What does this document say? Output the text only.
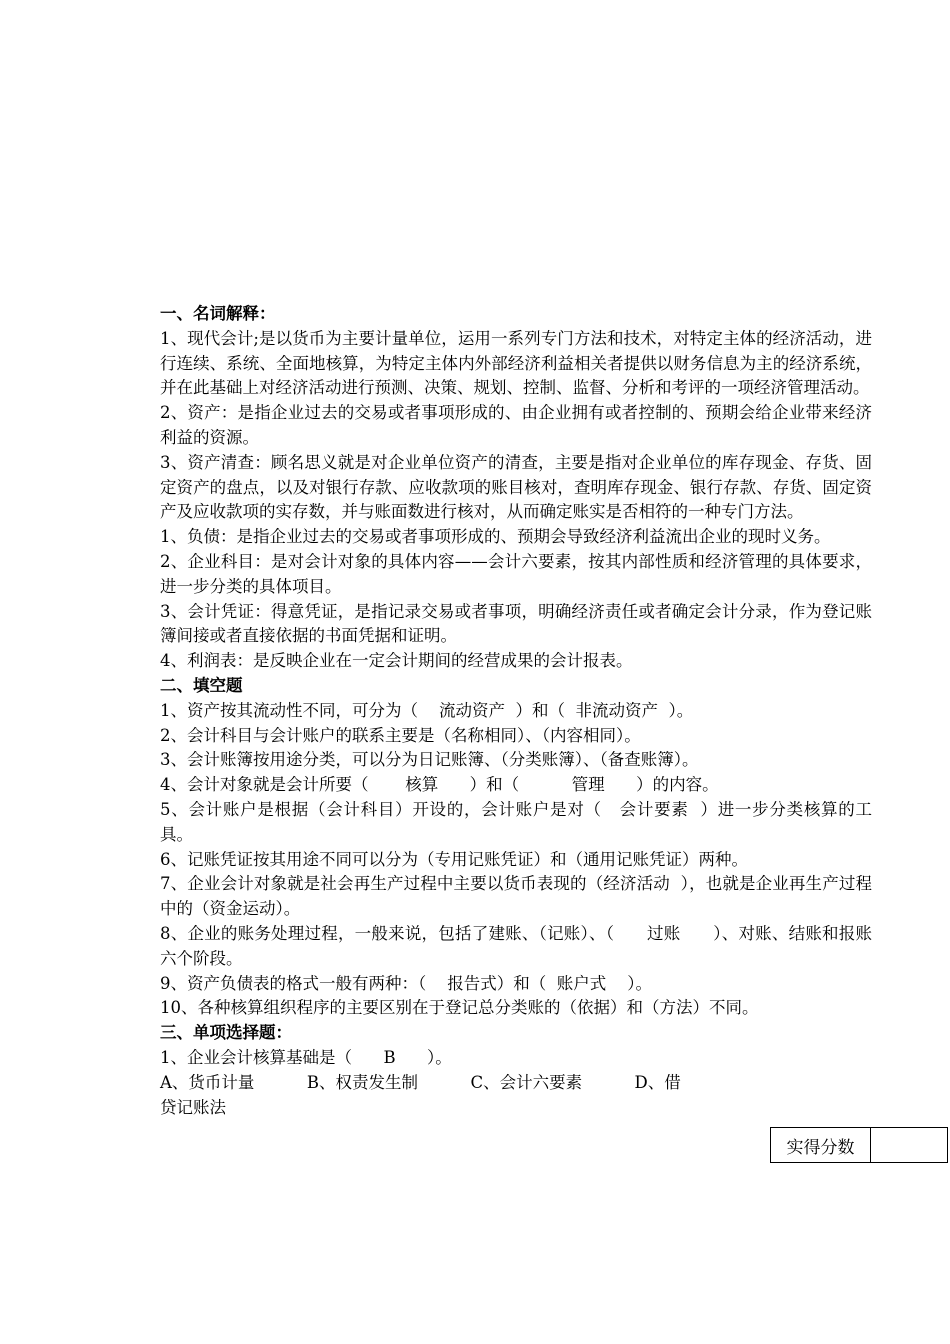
一、名词解释：

1、现代会计;是以货币为主要计量单位，运用一系列专门方法和技术，对特定主体的经济活动，进行连续、系统、全面地核算，为特定主体内外部经济利益相关者提供以财务信息为主的经济系统，并在此基础上对经济活动进行预测、决策、规划、控制、监督、分析和考评的一项经济管理活动。

2、资产：是指企业过去的交易或者事项形成的、由企业拥有或者控制的、预期会给企业带来经济利益的资源。

3、资产清查：顾名思义就是对企业单位资产的清查，主要是指对企业单位的库存现金、存货、固定资产的盘点，以及对银行存款、应收款项的账目核对，查明库存现金、银行存款、存货、固定资产及应收款项的实存数，并与账面数进行核对，从而确定账实是否相符的一种专门方法。

1、负债：是指企业过去的交易或者事项形成的、预期会导致经济利益流出企业的现时义务。

2、企业科目：是对会计对象的具体内容——会计六要素，按其内部性质和经济管理的具体要求，进一步分类的具体项目。

3、会计凭证：得意凭证，是指记录交易或者事项，明确经济责任或者确定会计分录，作为登记账簿间接或者直接依据的书面凭据和证明。

4、利润表：是反映企业在一定会计期间的经营成果的会计报表。

二、填空题

1、资产按其流动性不同，可分为（    流动资产  ）和（  非流动资产  ）。

2、会计科目与会计账户的联系主要是（名称相同）、（内容相同）。

3、会计账簿按用途分类，可以分为日记账簿、（分类账簿）、（备查账簿）。

4、会计对象就是会计所要（       核算      ）和（          管理      ）的内容。

5、会计账户是根据（会计科目）开设的，会计账户是对（   会计要素  ）进一步分类核算的工具。

6、记账凭证按其用途不同可以分为（专用记账凭证）和（通用记账凭证）两种。

7、企业会计对象就是社会再生产过程中主要以货币表现的（经济活动  ），也就是企业再生产过程中的（资金运动）。

8、企业的账务处理过程，一般来说，包括了建账、（记账）、（      过账      ）、对账、结账和报账六个阶段。

9、资产负债表的格式一般有两种：（    报告式）和（  账户式    ）。

10、各种核算组织程序的主要区别在于登记总分类账的（依据）和（方法）不同。

三、单项选择题：

1、企业会计核算基础是（      B      ）。

A、货币计量          B、权责发生制          C、会计六要素          D、借

贷记账法

实得分数
